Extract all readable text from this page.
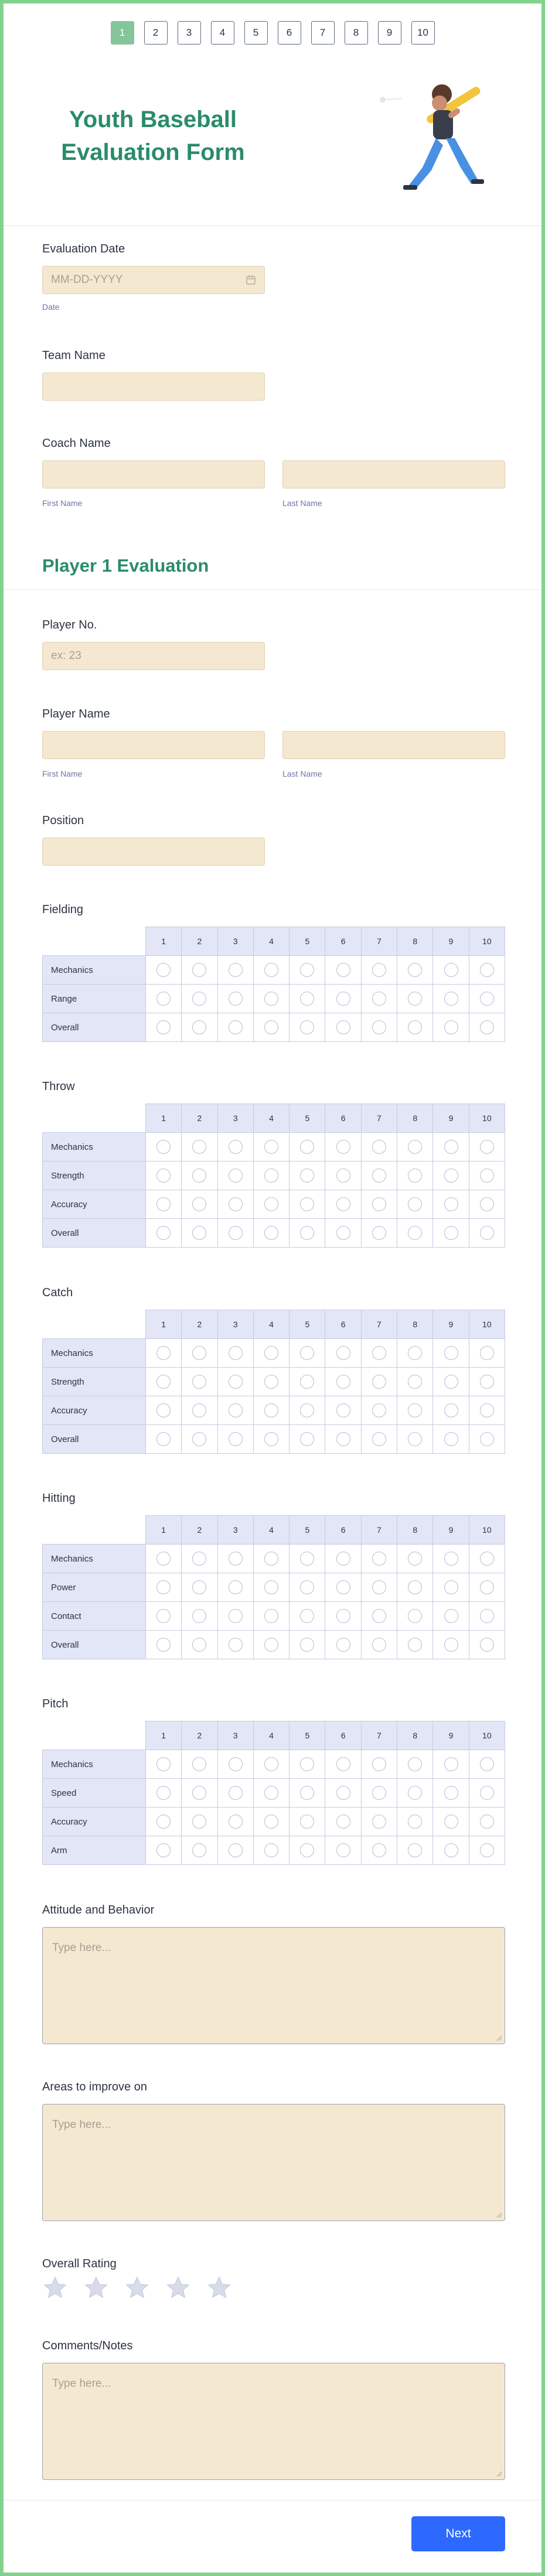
1	2	3	4	5	6	7	8	9	10
Youth Baseball Evaluation Form
Evaluation Date
MM-DD-YYYY
Date
Team Name
Coach Name
First Name	Last Name
Player 1 Evaluation
Player No.
ex: 23
Player Name
First Name	Last Name
Position
Fielding
	1	2	3	4	5	6	7	8	9	10
Mechanics										
Range										
Overall										
Throw
	1	2	3	4	5	6	7	8	9	10
Mechanics										
Strength										
Accuracy										
Overall										
Catch
	1	2	3	4	5	6	7	8	9	10
Mechanics										
Strength										
Accuracy										
Overall										
Hitting
	1	2	3	4	5	6	7	8	9	10
Mechanics										
Power										
Contact										
Overall										
Pitch
	1	2	3	4	5	6	7	8	9	10
Mechanics										
Speed										
Accuracy										
Arm										
Attitude and Behavior
Type here...
Areas to improve on
Type here...
Overall Rating
Comments/Notes
Type here...
Next
